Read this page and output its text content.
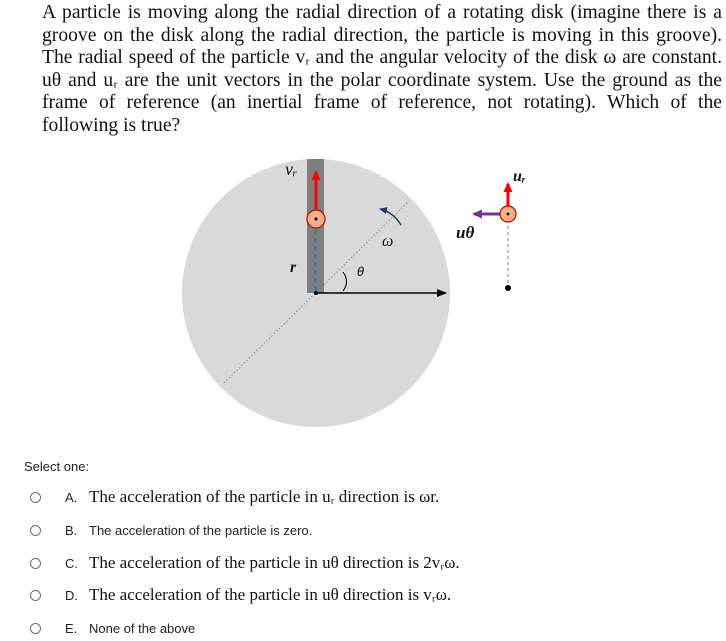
A particle is moving along the radial direction of a rotating disk (imagine there is a groove on the disk along the radial direction, the particle is moving in this groove). The radial speed of the particle vᵣ and the angular velocity of the disk ω are constant. uθ and uᵣ are the unit vectors in the polar coordinate system. Use the ground as the frame of reference (an inertial frame of reference, not rotating). Which of the following is true?
vᵣ
r	θ
ω
uᵣ
uθ
Select one:
A. The acceleration of the particle in uᵣ direction is ωr.
B. The acceleration of the particle is zero.
C. The acceleration of the particle in uθ direction is 2vᵣω.
D. The acceleration of the particle in uθ direction is vᵣω.
E. None of the above
